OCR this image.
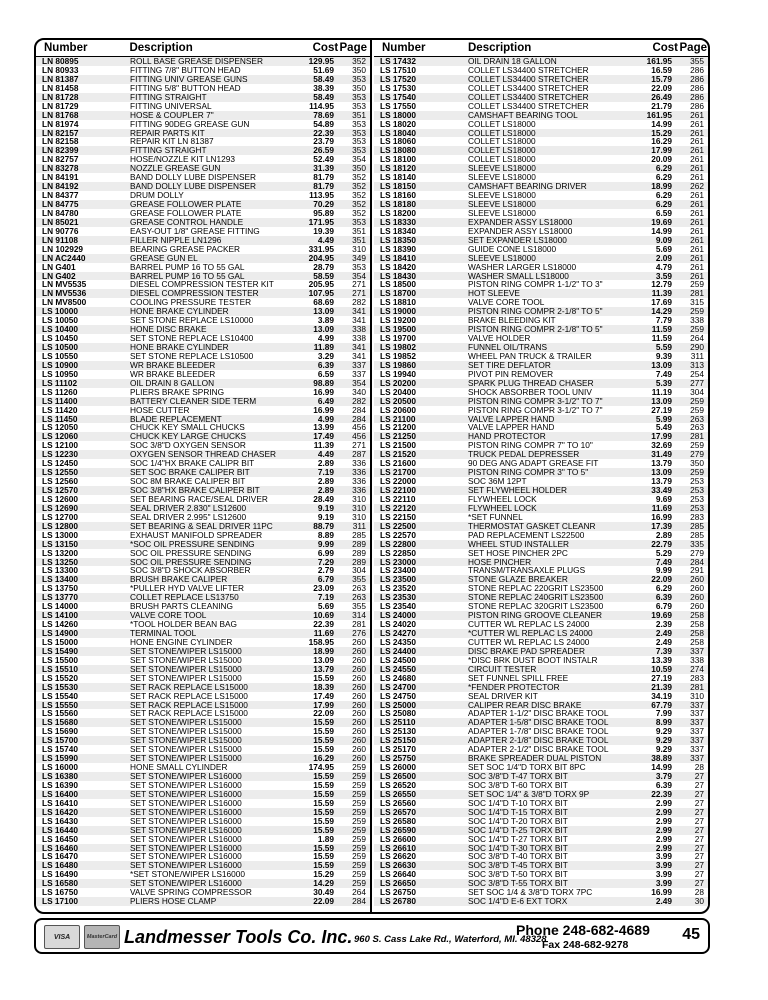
Number	Description	Cost Page
LN 80895	ROLL BASE GREASE DISPENSER	129.95	352
LN 80933	FITTING 7/8" BUTTON HEAD	51.69	350
LN 81387	FITTING UNIV GREASE GUNS	58.49	353
LN 81458	FITTING 5/8" BUTTON HEAD	38.39	350
LN 81728	FITTING STRAIGHT	58.49	353
LN 81729	FITTING UNIVERSAL	114.95	353
LN 81768	HOSE & COUPLER 7"	78.69	351
LN 81974	FITTING 90DEG GREASE GUN	54.89	353
LN 82157	REPAIR PARTS KIT	22.39	353
LN 82158	REPAIR KIT LN 81387	23.79	353
LN 82399	FITTING STRAIGHT	26.59	353
LN 82757	HOSE/NOZZLE KIT LN1293	52.49	354
LN 83278	NOZZLE GREASE GUN	31.39	350
LN 84191	BAND DOLLY LUBE DISPENSER	81.79	352
LN 84192	BAND DOLLY LUBE DISPENSER	81.79	352
LN 84377	DRUM DOLLY	113.95	352
LN 84775	GREASE FOLLOWER PLATE	70.29	352
LN 84780	GREASE FOLLOWER PLATE	95.89	352
LN 85021	GREASE CONTROL HANDLE	171.95	353
LN 90776	EASY-OUT 1/8" GREASE FITTING	19.39	351
LN 91108	FILLER NIPPLE LN1296	4.49	351
LN 102929	BEARING GREASE PACKER	331.95	310
LN AC2440	GREASE GUN EL	204.95	349
LN G401	BARREL PUMP 16 TO 55 GAL	28.79	353
LN G402	BARREL PUMP 16 TO 55 GAL	58.59	354
LN MV5535	DIESEL COMPRESSION TESTER KIT	205.95	271
LN MV5536	DIESEL COMPRESSION TESTER	107.95	271
LN MV8500	COOLING PRESSURE TESTER	68.69	282
LS 10000	HONE BRAKE CYLINDER	13.09	341
LS 10050	SET STONE REPLACE LS10000	3.89	341
LS 10400	HONE DISC BRAKE	13.09	338
LS 10450	SET STONE REPLACE LS10400	4.99	338
LS 10500	HONE BRAKE CYLINDER	11.89	341
LS 10550	SET STONE REPLACE LS10500	3.29	341
LS 10900	WR BRAKE BLEEDER	6.39	337
LS 10950	WR BRAKE BLEEDER	6.59	337
LS 11102	OIL DRAIN 8 GALLON	98.89	354
LS 11260	PLIERS BRAKE SPRING	16.99	340
LS 11400	BATTERY CLEANER SIDE TERM	6.49	282
LS 11420	HOSE CUTTER	16.99	284
LS 11450	BLADE REPLACEMENT	4.99	284
LS 12050	CHUCK KEY SMALL CHUCKS	13.99	456
LS 12060	CHUCK KEY LARGE CHUCKS	17.49	456
LS 12100	SOC 3/8"D OXYGEN SENSOR	11.39	271
LS 12230	OXYGEN SENSOR THREAD CHASER	4.49	287
LS 12450	SOC 1/4"HX BRAKE CALIPR BIT	2.89	336
LS 12550	SET SOC BRAKE CALIPER BIT	7.19	336
LS 12560	SOC 8M BRAKE CALIPER BIT	2.89	336
LS 12570	SOC 3/8"HX BRAKE CALIPER BIT	2.89	336
LS 12600	SET BEARING RACE/SEAL DRIVER	28.49	310
LS 12690	SEAL DRIVER 2.830" LS12600	9.19	310
LS 12700	SEAL DRIVER 2.995" LS12600	9.19	310
LS 12800	SET BEARING & SEAL DRIVER 11PC	88.79	311
LS 13000	EXHAUST MANIFOLD SPREADER	8.89	285
LS 13150	*SOC OIL PRESSURE SENDING	9.99	289
LS 13200	SOC OIL PRESSURE SENDING	6.99	289
LS 13250	SOC OIL PRESSURE SENDING	7.29	289
LS 13300	SOC 3/8"D SHOCK ABSORBER	2.79	304
LS 13400	BRUSH BRAKE CALIPER	6.79	355
LS 13750	*PULLER HYD VALVE LIFTER	23.09	263
LS 13770	COLLET REPLACE LS13750	7.19	263
LS 14000	BRUSH PARTS CLEANING	5.69	355
LS 14100	VALVE CORE TOOL	10.69	314
LS 14260	*TOOL HOLDER BEAN BAG	22.39	281
LS 14900	TERMINAL TOOL	11.69	276
LS 15000	HONE ENGINE CYLINDER	158.95	260
LS 15490	SET STONE/WIPER LS15000	18.99	260
LS 15500	SET STONE/WIPER LS15000	13.09	260
LS 15510	SET STONE/WIPER LS15000	13.79	260
LS 15520	SET STONE/WIPER LS15000	15.59	260
LS 15530	SET RACK REPLACE LS15000	18.39	260
LS 15540	SET RACK REPLACE LS15000	17.49	260
LS 15550	SET RACK REPLACE LS15000	17.99	260
LS 15560	SET RACK REPLACE LS15000	22.09	260
LS 15680	SET STONE/WIPER LS15000	15.59	260
LS 15690	SET STONE/WIPER LS15000	15.59	260
LS 15700	SET STONE/WIPER LS15000	15.59	260
LS 15740	SET STONE/WIPER LS15000	15.59	260
LS 15990	SET STONE/WIPER LS15000	16.29	260
LS 16000	HONE SMALL CYLINDER	174.95	259
LS 16380	SET STONE/WIPER LS16000	15.59	259
LS 16390	SET STONE/WIPER LS16000	15.59	259
LS 16400	SET STONE/WIPER LS16000	15.59	259
LS 16410	SET STONE/WIPER LS16000	15.59	259
LS 16420	SET STONE/WIPER LS16000	15.59	259
LS 16430	SET STONE/WIPER LS16000	15.59	259
LS 16440	SET STONE/WIPER LS16000	15.59	259
LS 16450	SET STONE/WIPER LS16000	1.89	259
LS 16460	SET STONE/WIPER LS16000	15.59	259
LS 16470	SET STONE/WIPER LS16000	15.59	259
LS 16480	SET STONE/WIPER LS16000	15.59	259
LS 16490	*SET STONE/WIPER LS16000	15.29	259
LS 16580	SET STONE/WIPER LS16000	14.29	259
LS 16750	VALVE SPRING COMPRESSOR	30.49	264
LS 17100	PLIERS HOSE CLAMP	22.09	284
Number	Description	Cost Page
LS 17432	OIL DRAIN 18 GALLON	161.95	355
LS 17510	COLLET LS34400 STRETCHER	16.59	286
LS 17520	COLLET LS34400 STRETCHER	15.79	286
LS 17530	COLLET LS34400 STRETCHER	22.09	286
LS 17540	COLLET LS34400 STRETCHER	26.49	286
LS 17550	COLLET LS34400 STRETCHER	21.79	286
LS 18000	CAMSHAFT BEARING TOOL	161.95	261
LS 18020	COLLET LS18000	14.99	261
LS 18040	COLLET LS18000	15.29	261
LS 18060	COLLET LS18000	16.29	261
LS 18080	COLLET LS18000	17.99	261
LS 18100	COLLET LS18000	20.09	261
LS 18120	SLEEVE LS18000	6.29	261
LS 18140	SLEEVE LS18000	6.29	261
LS 18150	CAMSHAFT BEARING DRIVER	18.99	262
LS 18160	SLEEVE LS18000	6.29	261
LS 18180	SLEEVE LS18000	6.29	261
LS 18200	SLEEVE LS18000	6.59	261
LS 18330	EXPANDER ASSY LS18000	19.69	261
LS 18340	EXPANDER ASSY LS18000	14.99	261
LS 18350	SET EXPANDER LS18000	9.09	261
LS 18390	GUIDE CONE LS18000	5.69	261
LS 18410	SLEEVE LS18000	2.09	261
LS 18420	WASHER LARGER LS18000	4.79	261
LS 18430	WASHER SMALL LS18000	3.59	261
LS 18500	PISTON RING COMPR 1-1/2" TO 3"	12.79	259
LS 18700	HOT SLEEVE	11.39	281
LS 18810	VALVE CORE TOOL	17.69	315
LS 19000	PISTON RING COMPR 2-1/8" TO 5"	14.29	259
LS 19200	BRAKE BLEEDING KIT	7.79	338
LS 19500	PISTON RING COMPR 2-1/8" TO 5"	11.59	259
LS 19700	VALVE HOLDER	11.59	264
LS 19802	FUNNEL OIL/TRANS	5.59	290
LS 19852	WHEEL PAN TRUCK & TRAILER	9.39	311
LS 19860	SET TIRE DEFLATOR	13.09	313
LS 19940	PIVOT PIN REMOVER	7.49	254
LS 20200	SPARK PLUG THREAD CHASER	5.39	277
LS 20400	SHOCK ABSORBER TOOL UNIV	11.19	304
LS 20500	PISTON RING COMPR 3-1/2" TO 7"	13.09	259
LS 20600	PISTON RING COMPR 3-1/2" TO 7"	27.19	259
LS 21100	VALVE LAPPER HAND	5.99	263
LS 21200	VALVE LAPPER HAND	5.49	263
LS 21250	HAND PROTECTOR	17.99	281
LS 21500	PISTON RING COMPR 7" TO 10"	32.69	259
LS 21520	TRUCK PEDAL DEPRESSER	31.49	279
LS 21600	90 DEG ANG ADAPT GREASE FIT	13.79	350
LS 21700	PISTON RING COMPR 3" TO 5"	13.09	259
LS 22000	SOC 36M 12PT	13.79	253
LS 22100	SET FLYWHEEL HOLDER	33.49	253
LS 22110	FLYWHEEL LOCK	9.69	253
LS 22120	FLYWHEEL LOCK	11.69	253
LS 22150	*SET FUNNEL	16.99	283
LS 22500	THERMOSTAT GASKET CLEANR	17.39	285
LS 22570	PAD REPLACEMENT LS22500	2.89	285
LS 22800	WHEEL STUD INSTALLER	22.79	335
LS 22850	SET HOSE PINCHER 2PC	5.29	279
LS 23000	HOSE PINCHER	7.49	284
LS 23400	TRANSM/TRANSAXLE PLUGS	9.99	291
LS 23500	STONE GLAZE BREAKER	22.09	260
LS 23520	STONE REPLAC 220GRIT LS23500	6.29	260
LS 23530	STONE REPLAC 240GRIT LS23500	6.39	260
LS 23540	STONE REPLAC 320GRIT LS23500	6.79	260
LS 24000	PISTON RING GROOVE CLEANER	19.69	258
LS 24020	CUTTER WL REPLAC LS 24000	2.39	258
LS 24270	*CUTTER WL REPLAC LS 24000	2.49	258
LS 24350	CUTTER WL REPLAC LS 24000	2.49	258
LS 24400	DISC BRAKE PAD SPREADER	7.39	337
LS 24500	*DISC BRK DUST BOOT INSTALR	13.39	338
LS 24550	CIRCUIT TESTER	10.59	274
LS 24680	SET FUNNEL SPILL FREE	27.19	283
LS 24700	*FENDER PROTECTOR	21.39	281
LS 24750	SEAL DRIVER KIT	34.19	310
LS 25000	CALIPER REAR DISC BRAKE	67.79	337
LS 25080	ADAPTER 1-1/2" DISC BRAKE TOOL	7.99	337
LS 25110	ADAPTER 1-5/8" DISC BRAKE TOOL	8.99	337
LS 25130	ADAPTER 1-7/8" DISC BRAKE TOOL	9.29	337
LS 25150	ADAPTER 2-1/8" DISC BRAKE TOOL	9.29	337
LS 25170	ADAPTER 2-1/2" DISC BRAKE TOOL	9.29	337
LS 25750	BRAKE SPREADER DUAL PISTON	38.89	337
LS 26000	SET SOC 1/4"D TORX BIT 8PC	14.99	28
LS 26500	SOC 3/8"D T-47 TORX BIT	3.79	27
LS 26520	SOC 3/8"D T-60 TORX BIT	6.39	27
LS 26550	SET SOC 1/4" & 3/8"D TORX 9P	22.39	27
LS 26560	SOC 1/4"D T-10 TORX BIT	2.99	27
LS 26570	SOC 1/4"D T-15 TORX BIT	2.99	27
LS 26580	SOC 1/4"D T-20 TORX BIT	2.99	27
LS 26590	SOC 1/4"D T-25 TORX BIT	2.99	27
LS 26600	SOC 1/4"D T-27 TORX BIT	2.99	27
LS 26610	SOC 1/4"D T-30 TORX BIT	2.99	27
LS 26620	SOC 3/8"D T-40 TORX BIT	3.99	27
LS 26630	SOC 3/8"D T-45 TORX BIT	3.99	27
LS 26640	SOC 3/8"D T-50 TORX BIT	3.99	27
LS 26650	SOC 3/8"D T-55 TORX BIT	3.99	27
LS 26750	SET SOC 1/4 & 3/8"D TORX 7PC	16.99	28
LS 26780	SOC 1/4"D E-6 EXT TORX	2.49	30
VISA	MasterCard Landmesser Tools Co. Inc. 960 S. Cass Lake Rd., Waterford, MI. 48328
Phone 248-682-4689
Fax 248-682-9278
45
